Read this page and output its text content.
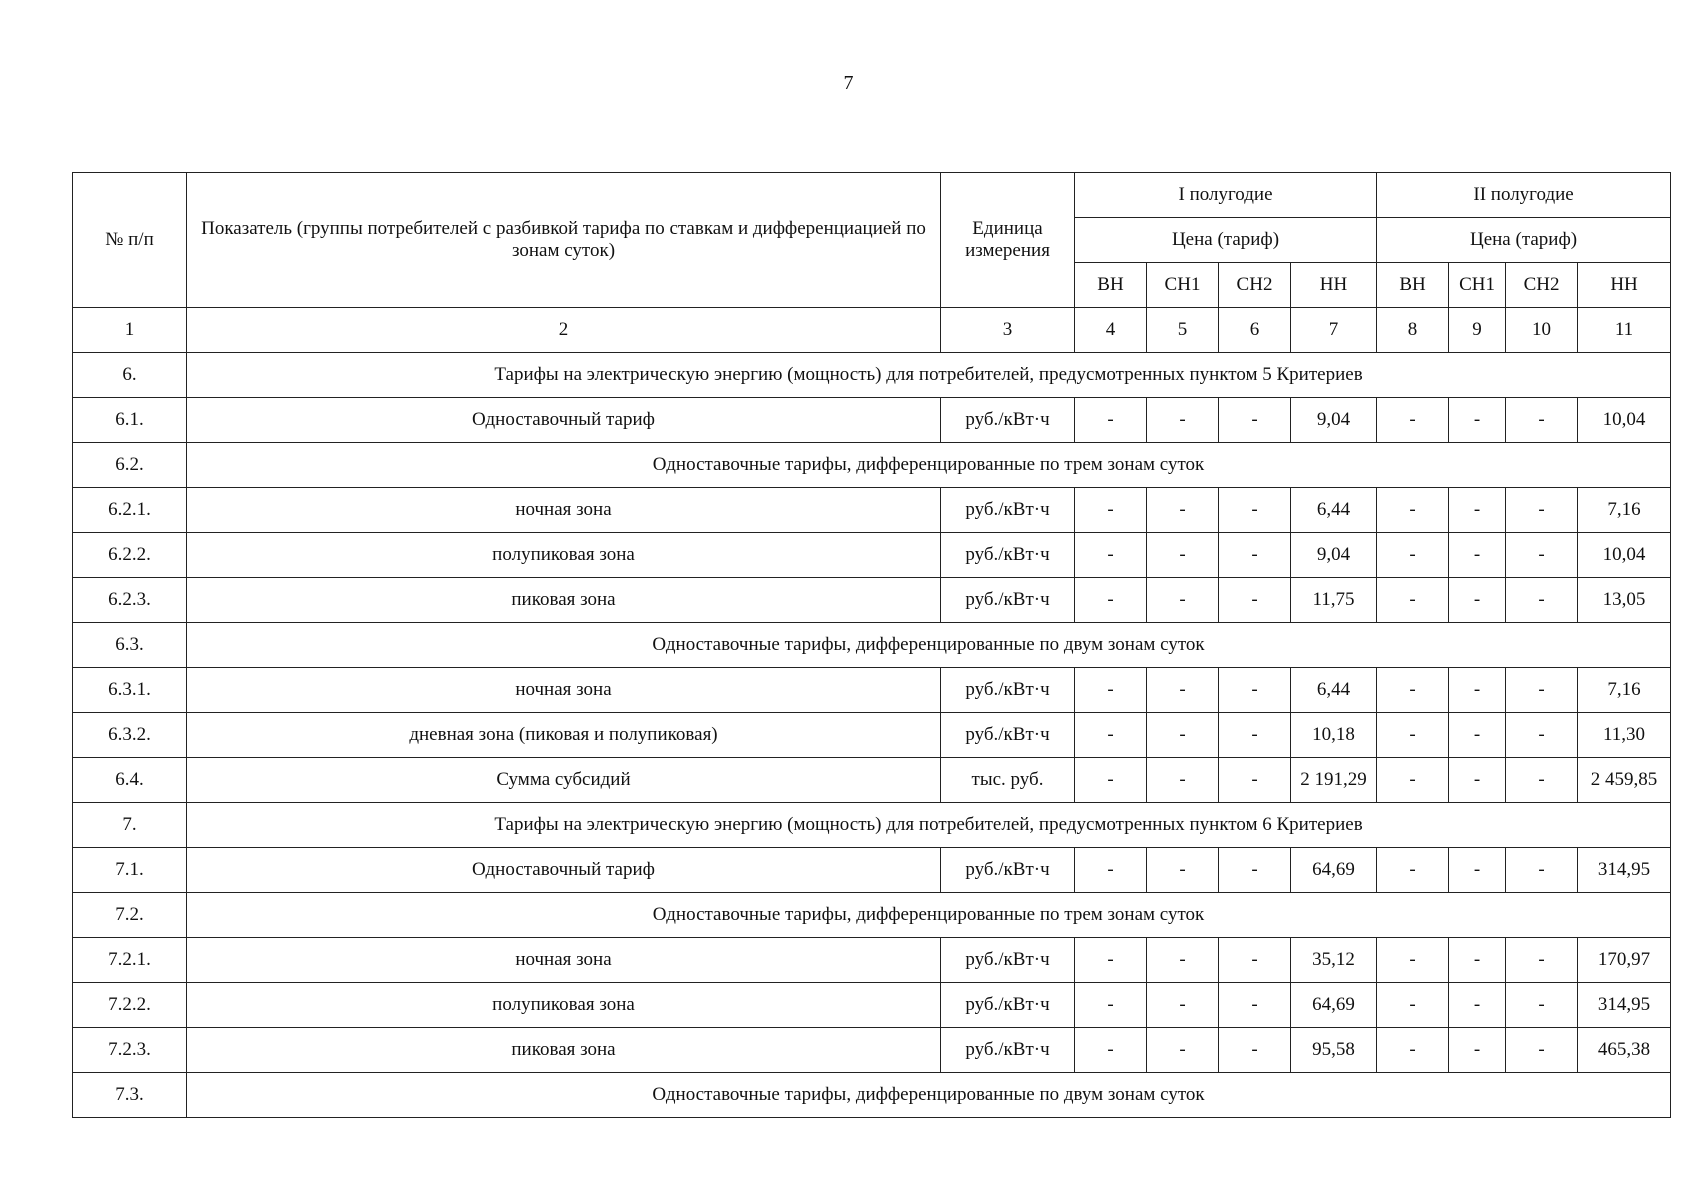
7
№ п/п	Показатель (группы потребителей с разбивкой тарифа по ставкам и дифференциацией по зонам суток)	Единица измерения	I полугодие				II полугодие			
			Цена (тариф)				Цена (тариф)			
			ВН	СН1	СН2	НН	ВН	СН1	СН2	НН
1	2	3	4	5	6	7	8	9	10	11
6.	Тарифы на электрическую энергию (мощность) для потребителей, предусмотренных пунктом 5 Критериев									
6.1.	Одноставочный тариф	руб./кВт·ч	-	-	-	9,04	-	-	-	10,04
6.2.	Одноставочные тарифы, дифференцированные по трем зонам суток									
6.2.1.	ночная зона	руб./кВт·ч	-	-	-	6,44	-	-	-	7,16
6.2.2.	полупиковая зона	руб./кВт·ч	-	-	-	9,04	-	-	-	10,04
6.2.3.	пиковая зона	руб./кВт·ч	-	-	-	11,75	-	-	-	13,05
6.3.	Одноставочные тарифы, дифференцированные по двум зонам суток									
6.3.1.	ночная зона	руб./кВт·ч	-	-	-	6,44	-	-	-	7,16
6.3.2.	дневная зона (пиковая и полупиковая)	руб./кВт·ч	-	-	-	10,18	-	-	-	11,30
6.4.	Сумма субсидий	тыс. руб.	-	-	-	2 191,29	-	-	-	2 459,85
7.	Тарифы на электрическую энергию (мощность) для потребителей, предусмотренных пунктом 6 Критериев									
7.1.	Одноставочный тариф	руб./кВт·ч	-	-	-	64,69	-	-	-	314,95
7.2.	Одноставочные тарифы, дифференцированные по трем зонам суток									
7.2.1.	ночная зона	руб./кВт·ч	-	-	-	35,12	-	-	-	170,97
7.2.2.	полупиковая зона	руб./кВт·ч	-	-	-	64,69	-	-	-	314,95
7.2.3.	пиковая зона	руб./кВт·ч	-	-	-	95,58	-	-	-	465,38
7.3.	Одноставочные тарифы, дифференцированные по двум зонам суток									
